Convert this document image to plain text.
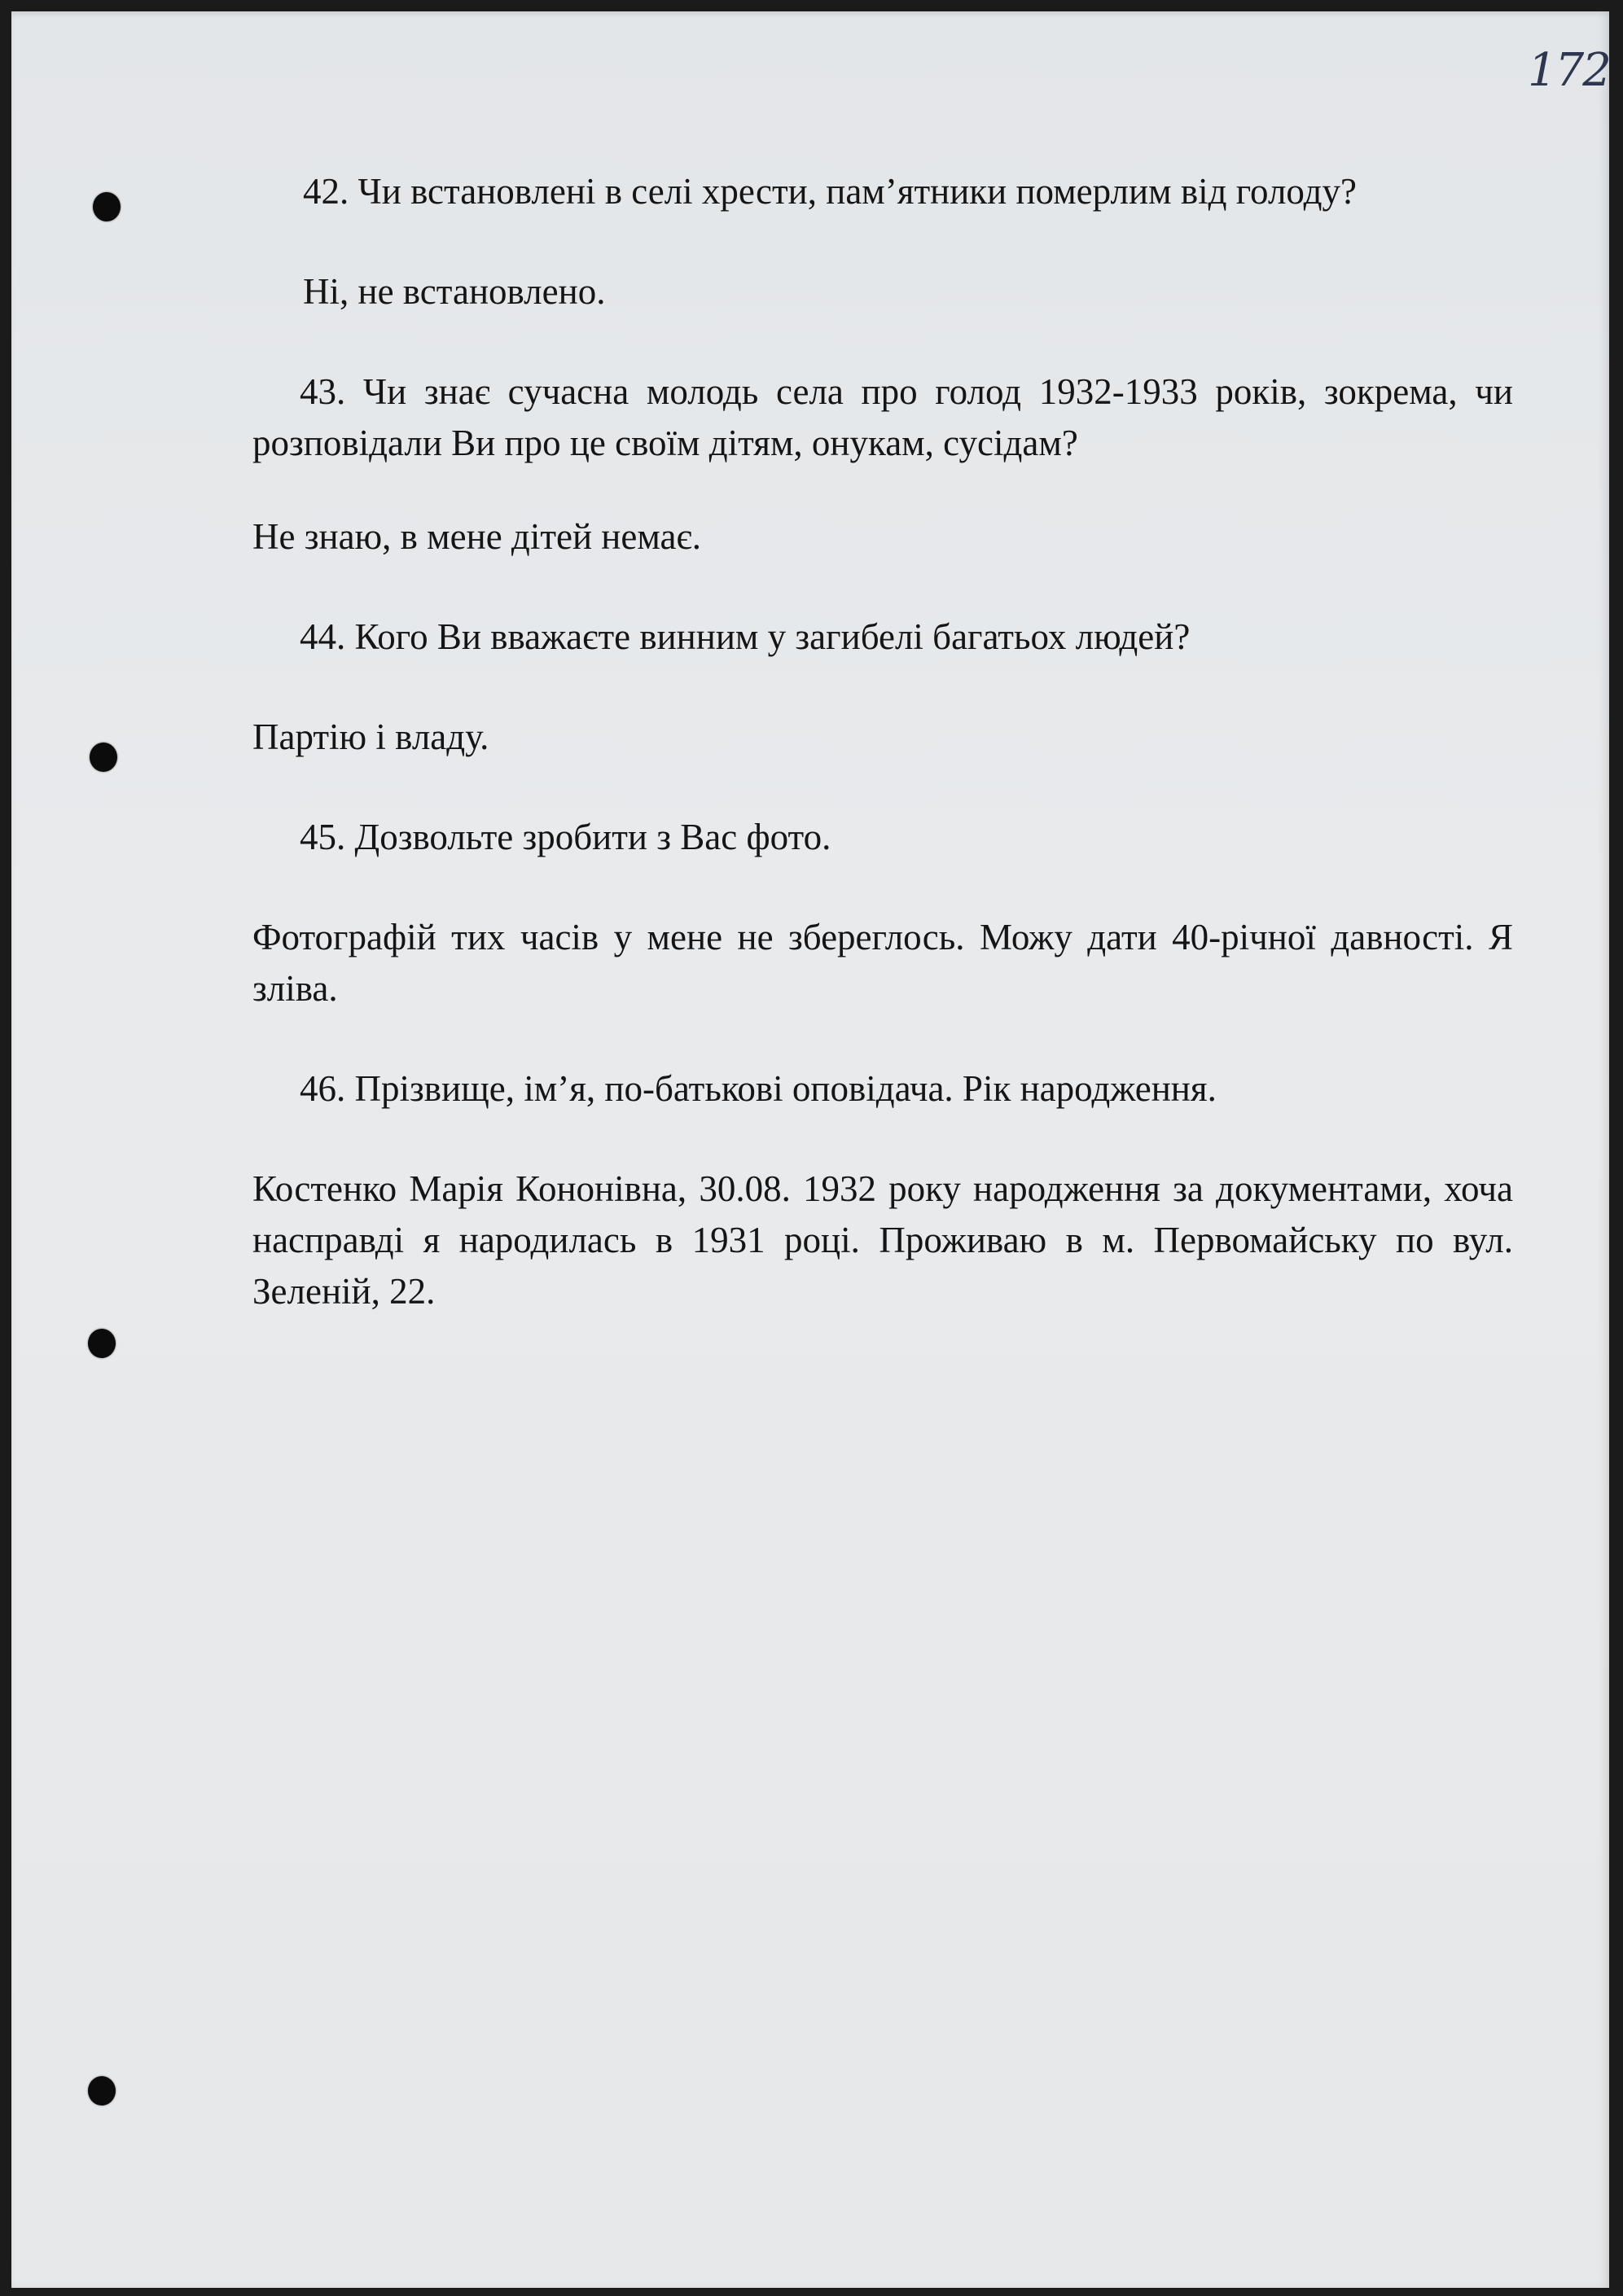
172

42. Чи встановлені в селі хрести, пам’ятники померлим від голоду?

Ні, не встановлено.

43. Чи знає сучасна молодь села про голод 1932-1933 років, зокрема, чи розповідали Ви про це своїм дітям, онукам, сусідам?

Не знаю, в мене дітей немає.

44. Кого Ви вважаєте винним у загибелі багатьох людей?

Партію і владу.

45. Дозвольте зробити з Вас фото.

Фотографій тих часів у мене не збереглось. Можу дати 40-річної давності. Я зліва.

46. Прізвище, ім’я, по-батькові оповідача. Рік народження.

Костенко Марія Кононівна, 30.08. 1932 року народження за документами, хоча насправді я народилась в 1931 році. Проживаю в м. Первомайську по вул. Зеленій, 22.
